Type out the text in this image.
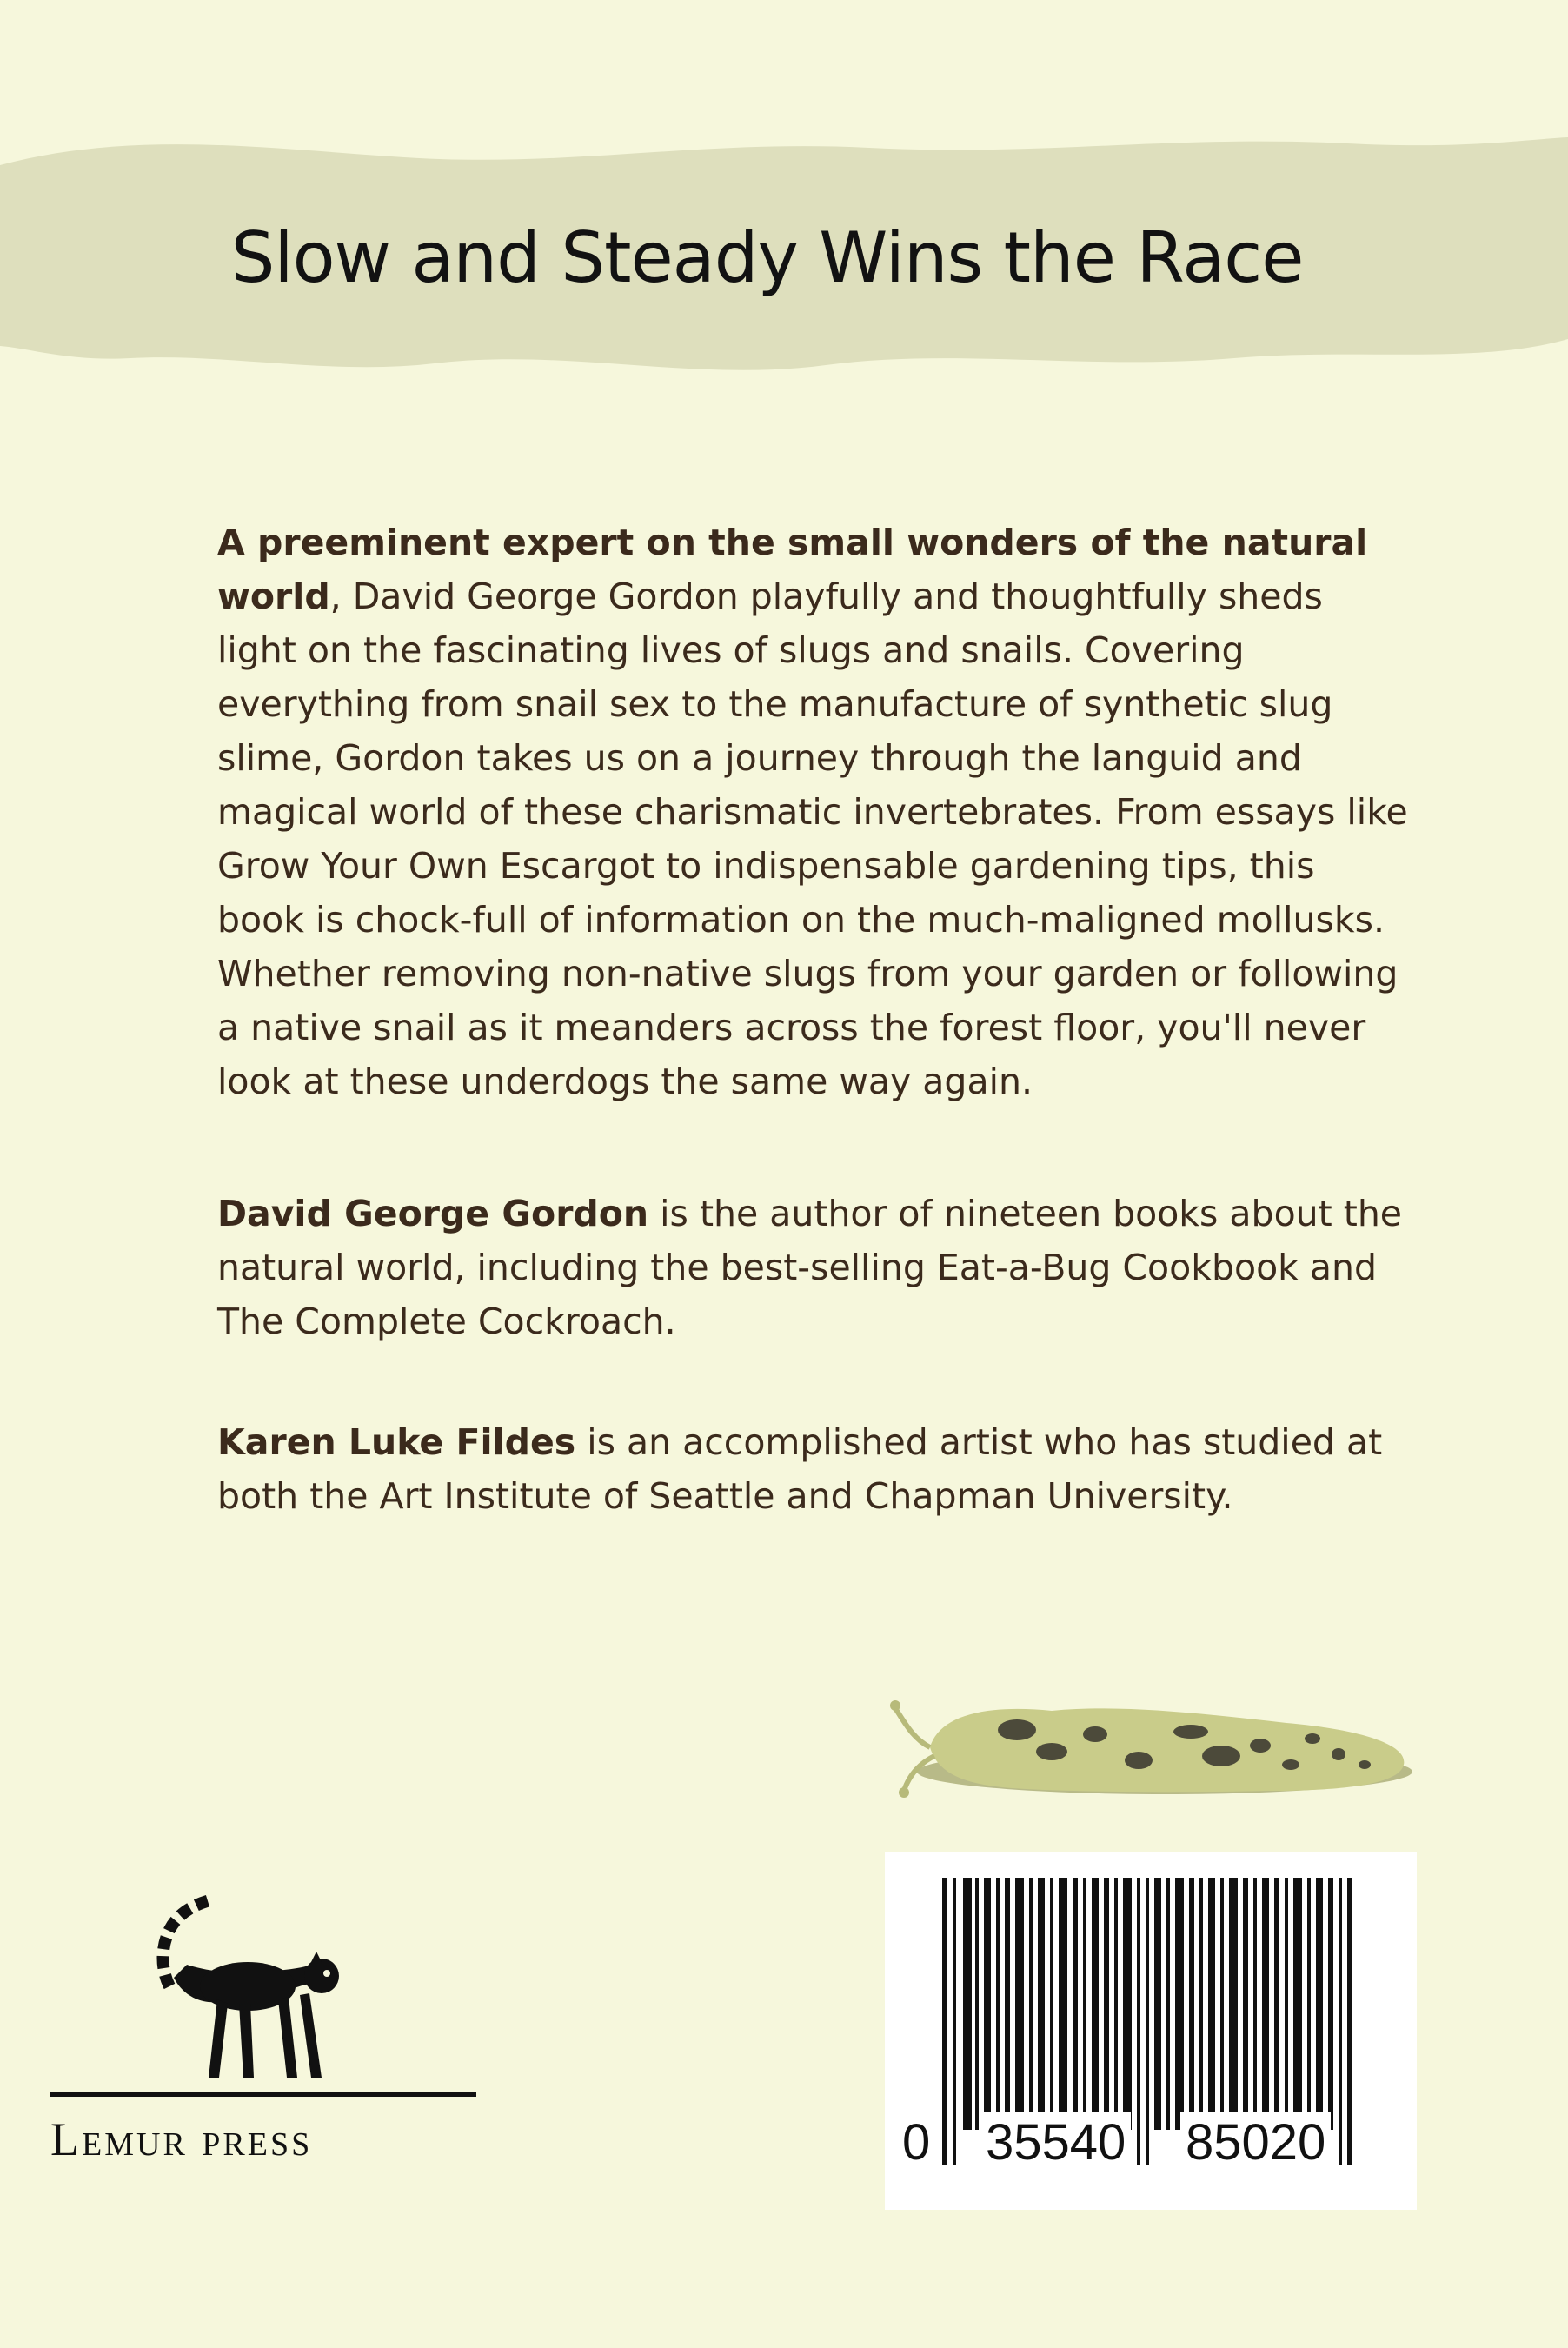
Slow and Steady Wins the Race

A preeminent expert on the small wonders of the natural world, David George Gordon playfully and thoughtfully sheds light on the fascinating lives of slugs and snails. Covering everything from snail sex to the manufacture of synthetic slug slime, Gordon takes us on a journey through the languid and magical world of these charismatic invertebrates. From essays like Grow Your Own Escargot to indispensable gardening tips, this book is chock-full of information on the much-maligned mollusks. Whether removing non-native slugs from your garden or following a native snail as it meanders across the forest floor, you'll never look at these underdogs the same way again.

David George Gordon is the author of nineteen books about the natural world, including the best-selling Eat-a-Bug Cookbook and The Complete Cockroach.

Karen Luke Fildes is an accomplished artist who has studied at both the Art Institute of Seattle and Chapman University.

0 35540 85020
Lemur press
